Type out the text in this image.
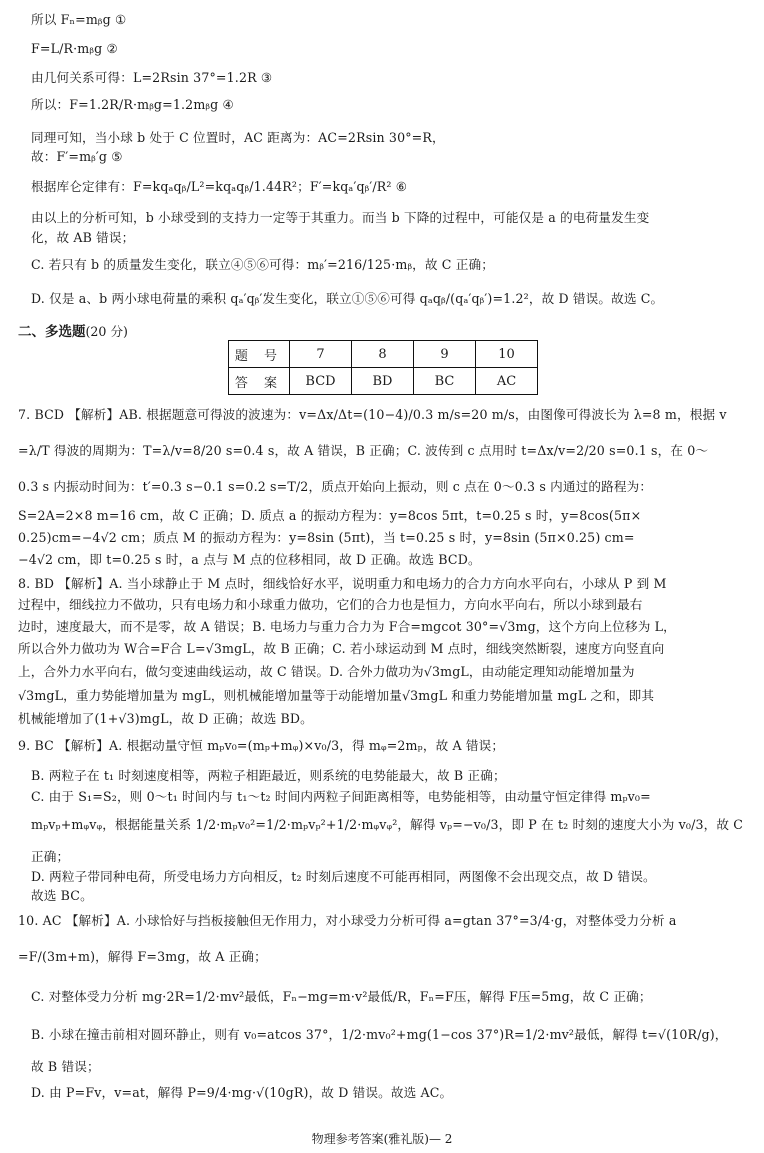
所以 Fₙ=mᵦg ①
F=L/R·mᵦg ②
由几何关系可得：L=2Rsin 37°=1.2R ③
所以：F=1.2R/R·mᵦg=1.2mᵦg ④
同理可知，当小球 b 处于 C 位置时，AC 距离为：AC=2Rsin 30°=R，
故：F′=mᵦ′g ⑤
根据库仑定律有：F=kqₐqᵦ/L²=kqₐqᵦ/1.44R²；F′=kqₐ′qᵦ′/R² ⑥
由以上的分析可知，b 小球受到的支持力一定等于其重力。而当 b 下降的过程中，可能仅是 a 的电荷量发生变
化，故 AB 错误；
C. 若只有 b 的质量发生变化，联立④⑤⑥可得：mᵦ′=216/125·mᵦ，故 C 正确；
D. 仅是 a、b 两小球电荷量的乘积 qₐ′qᵦ′发生变化，联立①⑤⑥可得 qₐqᵦ/(qₐ′qᵦ′)=1.2²，故 D 错误。故选 C。
二、多选题(20 分)
题 号	7	8	9	10
答 案	BCD	BD	BC	AC
7. BCD 【解析】AB. 根据题意可得波的波速为：v=Δx/Δt=(10−4)/0.3 m/s=20 m/s，由图像可得波长为 λ=8 m，根据 v
=λ/T 得波的周期为：T=λ/v=8/20 s=0.4 s，故 A 错误，B 正确；C. 波传到 c 点用时 t=Δx/v=2/20 s=0.1 s，在 0～
0.3 s 内振动时间为：t′=0.3 s−0.1 s=0.2 s=T/2，质点开始向上振动，则 c 点在 0～0.3 s 内通过的路程为：
S=2A=2×8 m=16 cm，故 C 正确；D. 质点 a 的振动方程为：y=8cos 5πt，t=0.25 s 时，y=8cos(5π×
0.25)cm=−4√2 cm；质点 M 的振动方程为：y=8sin (5πt)，当 t=0.25 s 时，y=8sin (5π×0.25) cm=
−4√2 cm，即 t=0.25 s 时，a 点与 M 点的位移相同，故 D 正确。故选 BCD。
8. BD 【解析】A. 当小球静止于 M 点时，细线恰好水平，说明重力和电场力的合力方向水平向右，小球从 P 到 M
过程中，细线拉力不做功，只有电场力和小球重力做功，它们的合力也是恒力，方向水平向右，所以小球到最右
边时，速度最大，而不是零，故 A 错误；B. 电场力与重力合力为 F合=mgcot 30°=√3mg，这个方向上位移为 L，
所以合外力做功为 W合=F合 L=√3mgL，故 B 正确；C. 若小球运动到 M 点时，细线突然断裂，速度方向竖直向
上，合外力水平向右，做匀变速曲线运动，故 C 错误。D. 合外力做功为√3mgL，由动能定理知动能增加量为
√3mgL，重力势能增加量为 mgL，则机械能增加量等于动能增加量√3mgL 和重力势能增加量 mgL 之和，即其
机械能增加了(1+√3)mgL，故 D 正确；故选 BD。
9. BC 【解析】A. 根据动量守恒 mₚv₀=(mₚ+mᵩ)×v₀/3，得 mᵩ=2mₚ，故 A 错误；
B. 两粒子在 t₁ 时刻速度相等，两粒子相距最近，则系统的电势能最大，故 B 正确；
C. 由于 S₁=S₂，则 0～t₁ 时间内与 t₁～t₂ 时间内两粒子间距离相等，电势能相等，由动量守恒定律得 mₚv₀=
mₚvₚ+mᵩvᵩ，根据能量关系 1/2·mₚv₀²=1/2·mₚvₚ²+1/2·mᵩvᵩ²，解得 vₚ=−v₀/3，即 P 在 t₂ 时刻的速度大小为 v₀/3，故 C
正确；
D. 两粒子带同种电荷，所受电场力方向相反，t₂ 时刻后速度不可能再相同，两图像不会出现交点，故 D 错误。
故选 BC。
10. AC 【解析】A. 小球恰好与挡板接触但无作用力，对小球受力分析可得 a=gtan 37°=3/4·g，对整体受力分析 a
=F/(3m+m)，解得 F=3mg，故 A 正确；
C. 对整体受力分析 mg·2R=1/2·mv²最低，Fₙ−mg=m·v²最低/R，Fₙ=F压，解得 F压=5mg，故 C 正确；
B. 小球在撞击前相对圆环静止，则有 v₀=atcos 37°，1/2·mv₀²+mg(1−cos 37°)R=1/2·mv²最低，解得 t=√(10R/g)，
故 B 错误；
D. 由 P=Fv，v=at，解得 P=9/4·mg·√(10gR)，故 D 错误。故选 AC。
物理参考答案(雅礼版)— 2
